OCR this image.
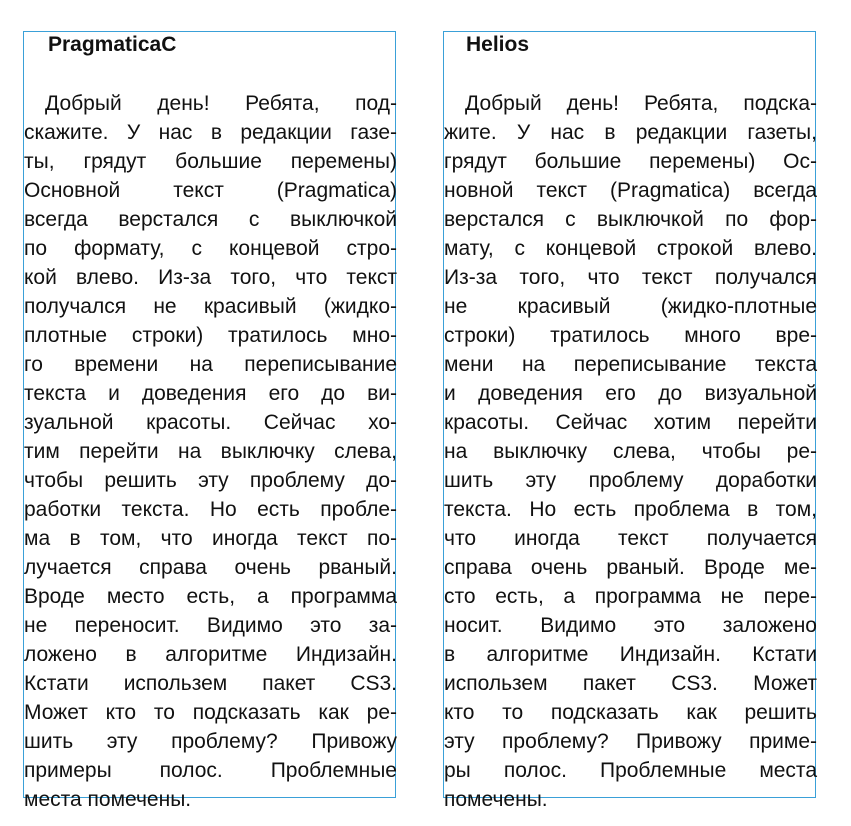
PragmaticaC
Добрый день! Ребята, под-
скажите. У нас в редакции газе-
ты, грядут большие перемены)
Основной текст (Pragmatica)
всегда верстался с выключкой
по формату, с концевой стро-
кой влево. Из-за того, что текст
получался не красивый (жидко-
плотные строки) тратилось мно-
го времени на переписывание
текста и доведения его до ви-
зуальной красоты. Сейчас хо-
тим перейти на выключку слева,
чтобы решить эту проблему до-
работки текста. Но есть пробле-
ма в том, что иногда текст по-
лучается справа очень рваный.
Вроде место есть, а программа
не переносит. Видимо это за-
ложено в алгоритме Индизайн.
Кстати использем пакет CS3.
Может кто то подсказать как ре-
шить эту проблему? Привожу
примеры полос. Проблемные
места помечены.
Helios
Добрый день! Ребята, подска-
жите. У нас в редакции газеты,
грядут большие перемены) Ос-
новной текст (Pragmatica) всегда
верстался с выключкой по фор-
мату, с концевой строкой влево.
Из-за того, что текст получался
не красивый (жидко-плотные
строки) тратилось много вре-
мени на переписывание текста
и доведения его до визуальной
красоты. Сейчас хотим перейти
на выключку слева, чтобы ре-
шить эту проблему доработки
текста. Но есть проблема в том,
что иногда текст получается
справа очень рваный. Вроде ме-
сто есть, а программа не пере-
носит. Видимо это заложено
в алгоритме Индизайн. Кстати
использем пакет CS3. Может
кто то подсказать как решить
эту проблему? Привожу приме-
ры полос. Проблемные места
помечены.
